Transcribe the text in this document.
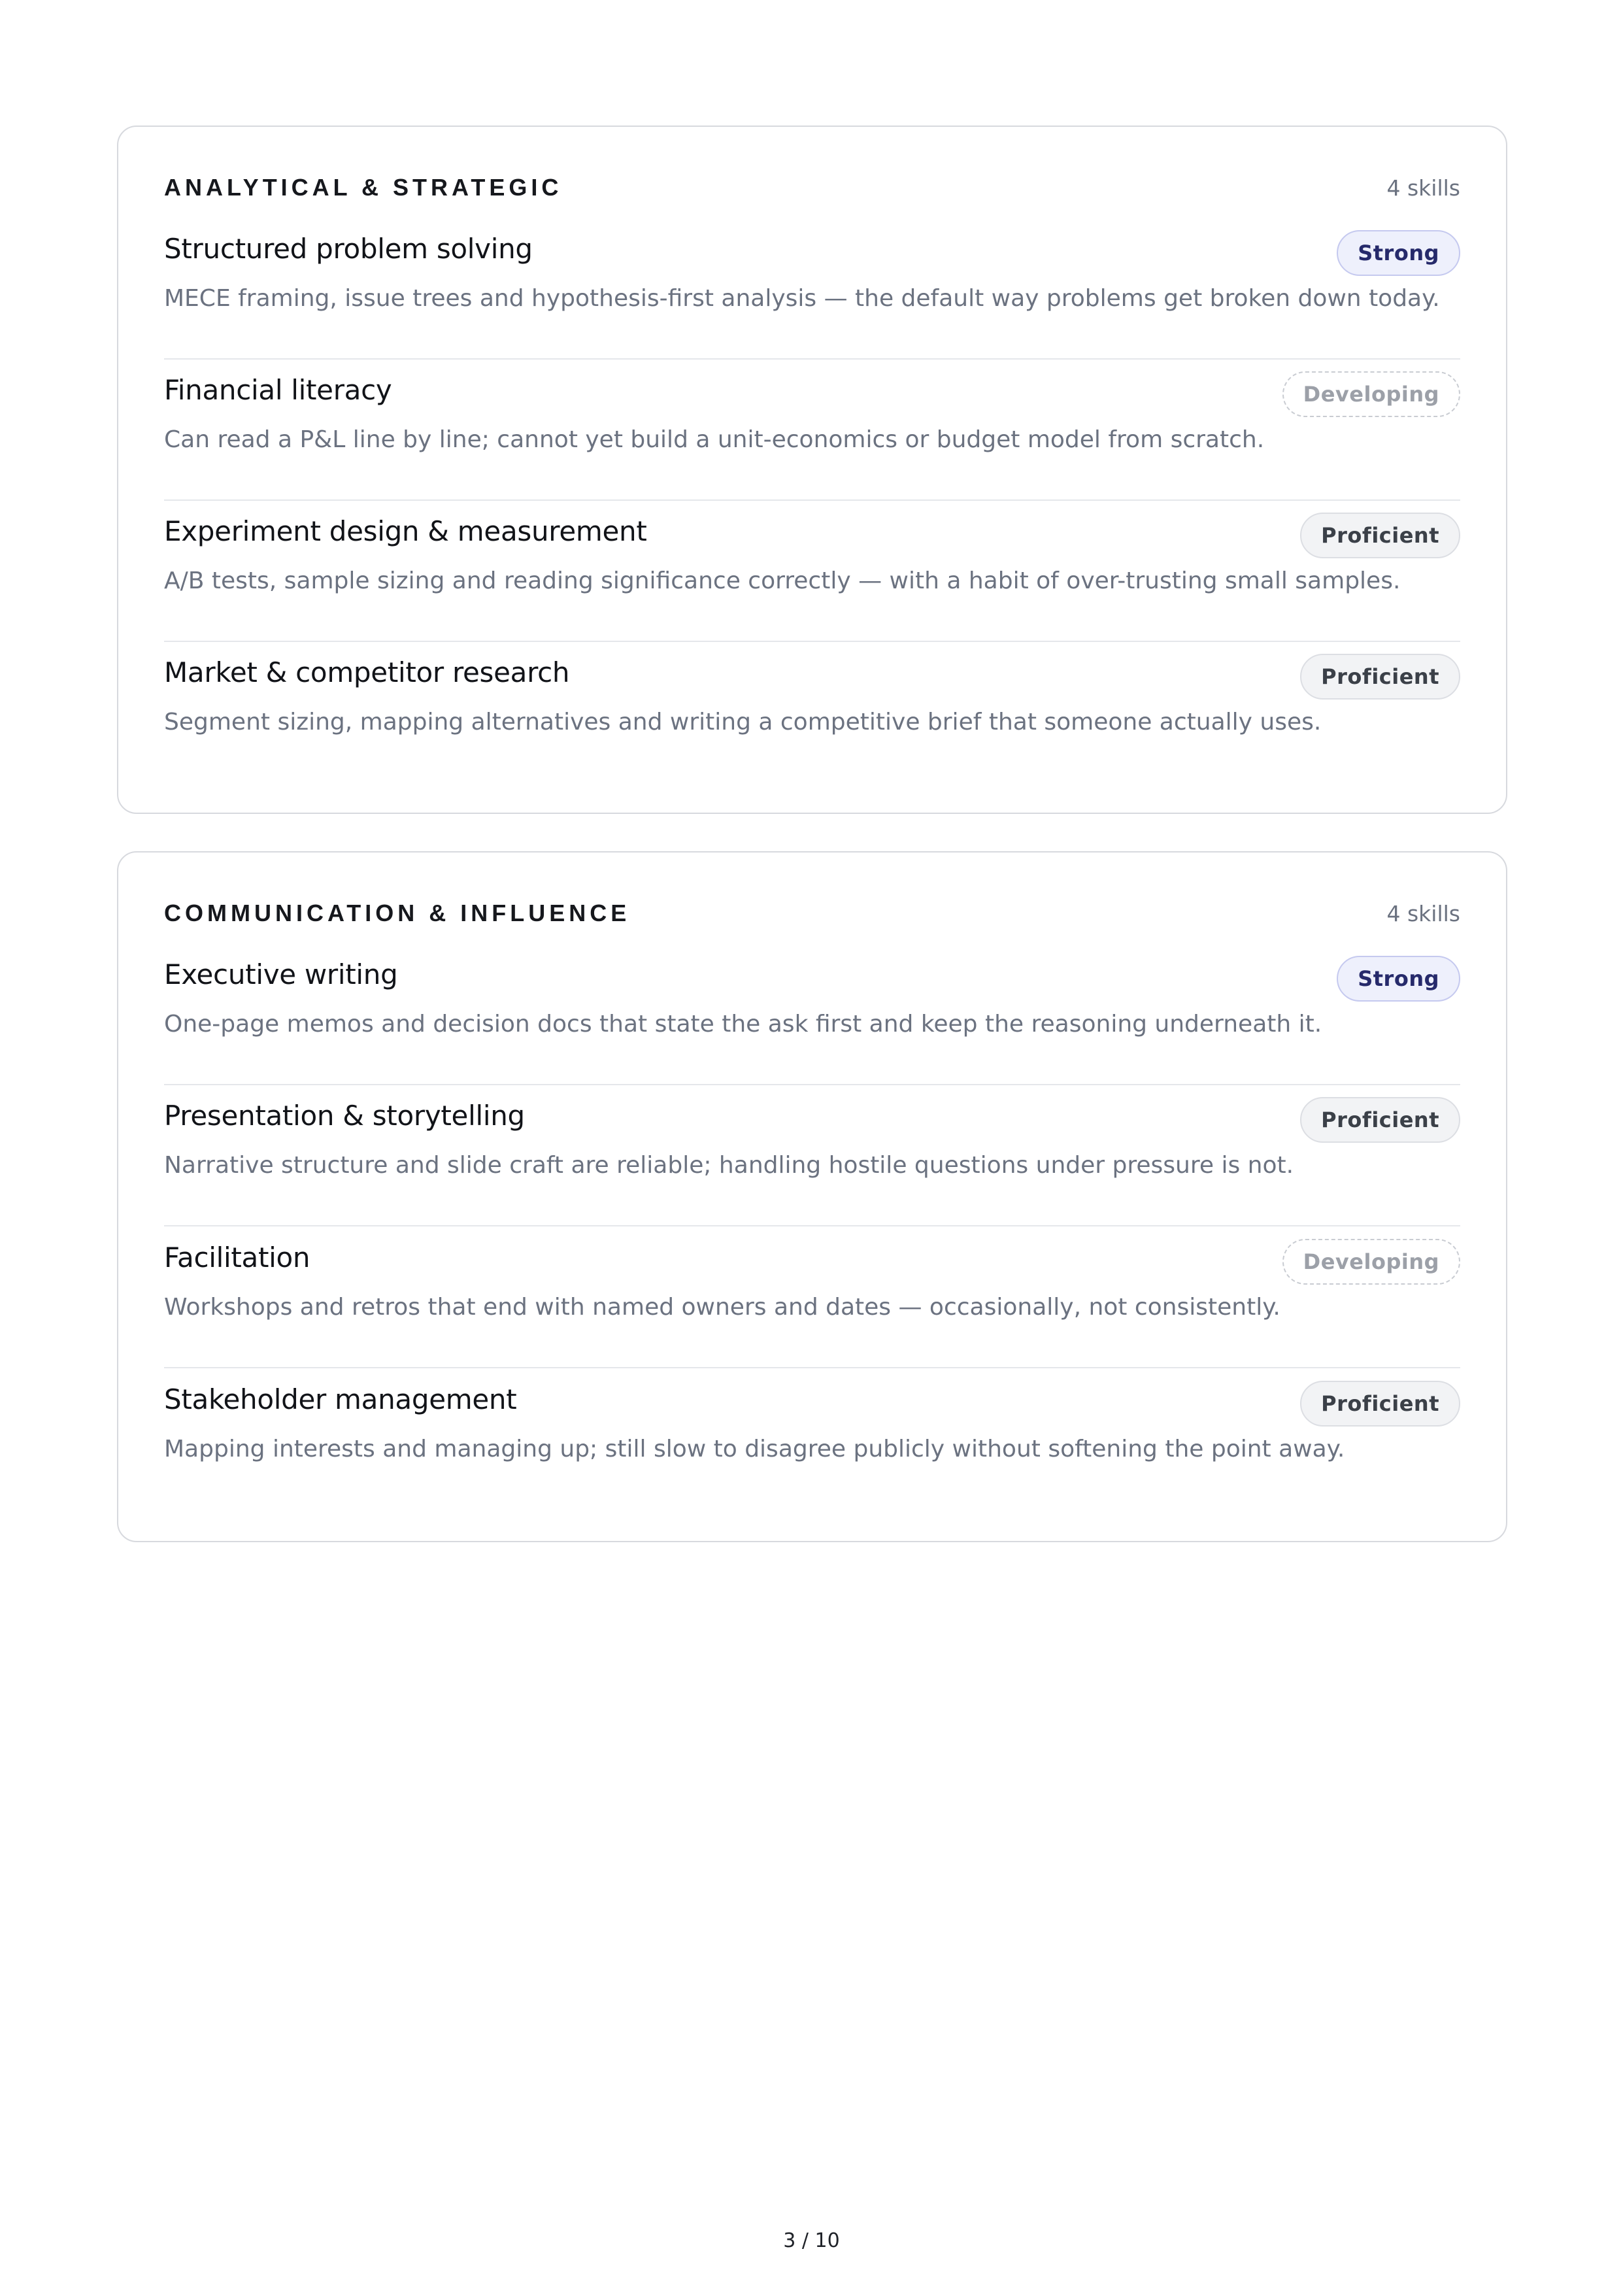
ANALYTICAL & STRATEGIC	4 skills
Structured problem solving	Strong
MECE framing, issue trees and hypothesis-first analysis — the default way problems get broken down today.
Financial literacy	Developing
Can read a P&L line by line; cannot yet build a unit-economics or budget model from scratch.
Experiment design & measurement	Proficient
A/B tests, sample sizing and reading significance correctly — with a habit of over-trusting small samples.
Market & competitor research	Proficient
Segment sizing, mapping alternatives and writing a competitive brief that someone actually uses.
COMMUNICATION & INFLUENCE	4 skills
Executive writing	Strong
One-page memos and decision docs that state the ask first and keep the reasoning underneath it.
Presentation & storytelling	Proficient
Narrative structure and slide craft are reliable; handling hostile questions under pressure is not.
Facilitation	Developing
Workshops and retros that end with named owners and dates — occasionally, not consistently.
Stakeholder management	Proficient
Mapping interests and managing up; still slow to disagree publicly without softening the point away.
3 / 10
